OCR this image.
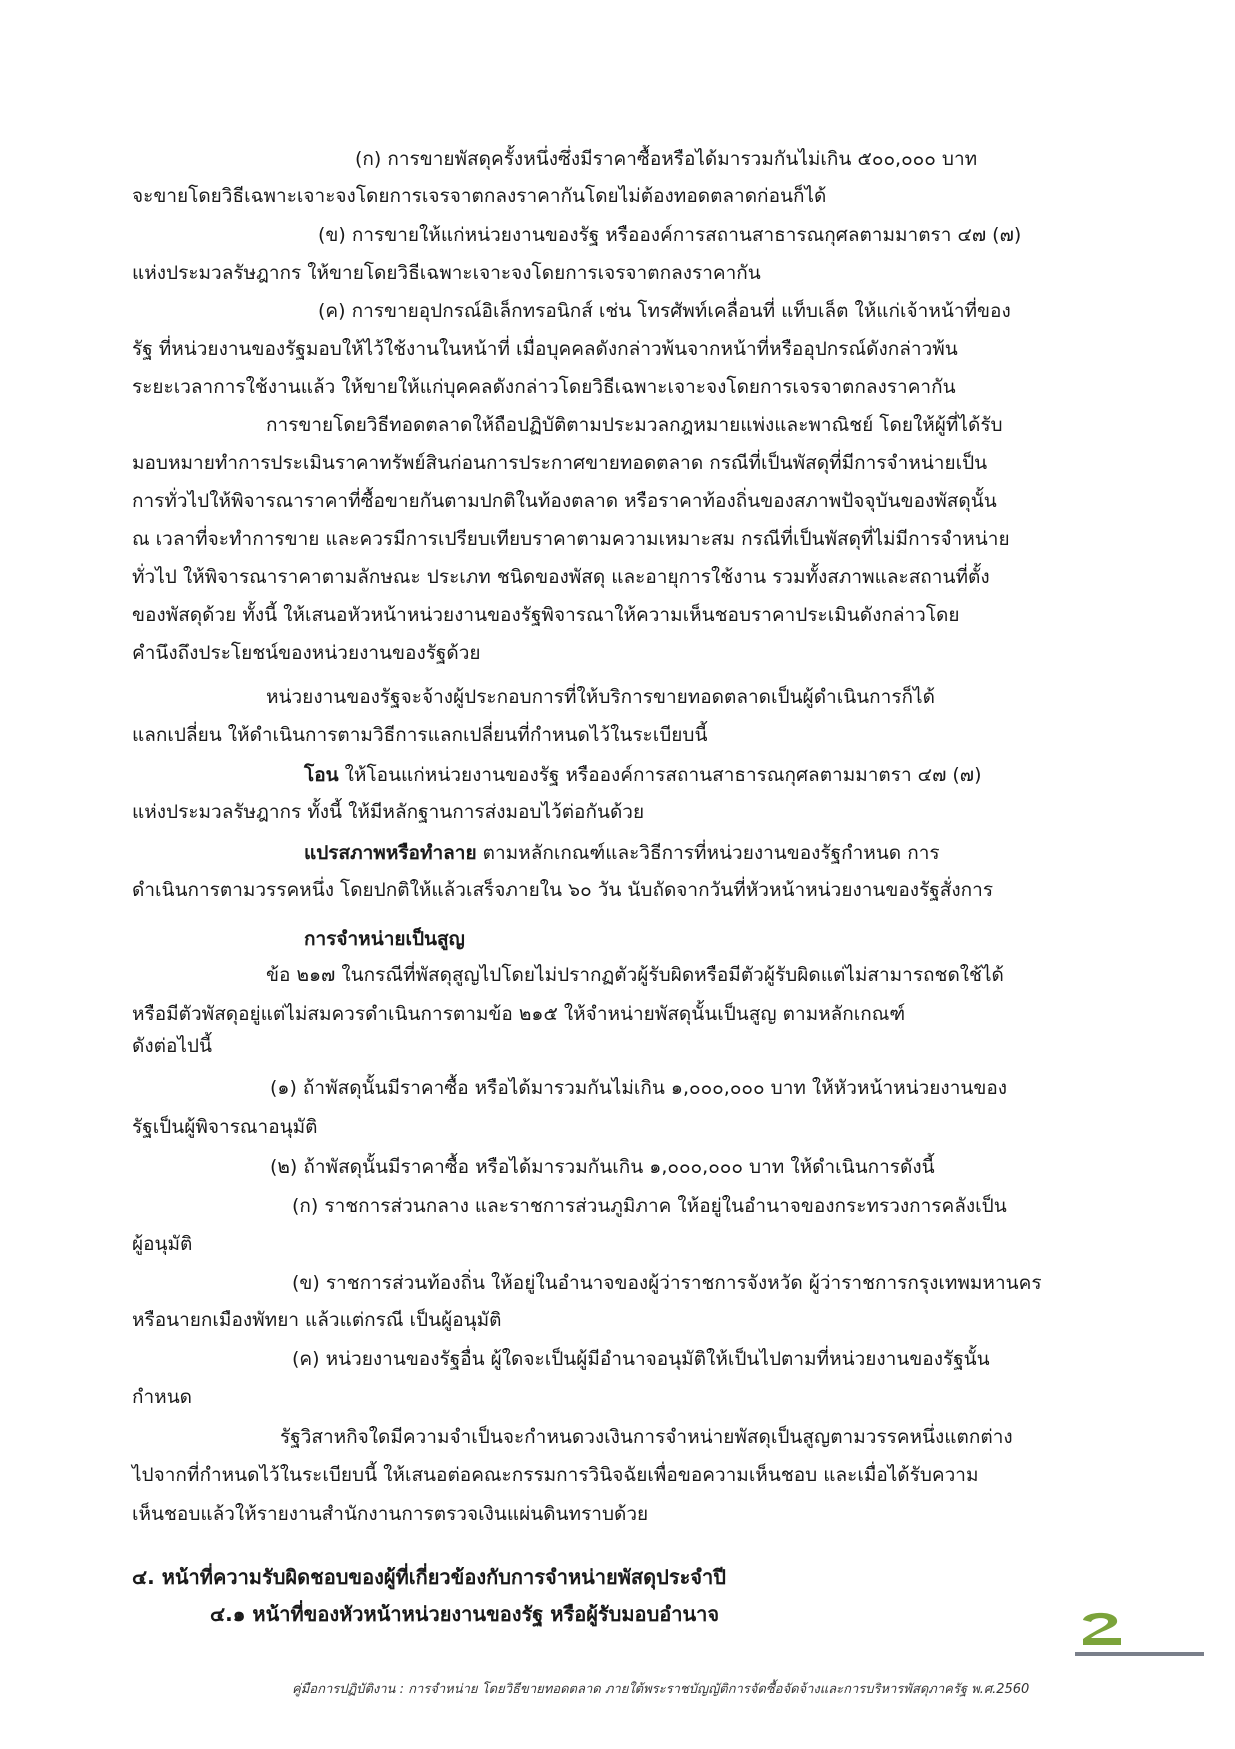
(ก) การขายพัสดุครั้งหนึ่งซึ่งมีราคาซื้อหรือได้มารวมกันไม่เกิน ๕๐๐,๐๐๐ บาท
จะขายโดยวิธีเฉพาะเจาะจงโดยการเจรจาตกลงราคากันโดยไม่ต้องทอดตลาดก่อนก็ได้
(ข) การขายให้แก่หน่วยงานของรัฐ หรือองค์การสถานสาธารณกุศลตามมาตรา ๔๗ (๗)
แห่งประมวลรัษฎากร ให้ขายโดยวิธีเฉพาะเจาะจงโดยการเจรจาตกลงราคากัน
(ค) การขายอุปกรณ์อิเล็กทรอนิกส์ เช่น โทรศัพท์เคลื่อนที่ แท็บเล็ต ให้แก่เจ้าหน้าที่ของ
รัฐ ที่หน่วยงานของรัฐมอบให้ไว้ใช้งานในหน้าที่ เมื่อบุคคลดังกล่าวพ้นจากหน้าที่หรืออุปกรณ์ดังกล่าวพ้น
ระยะเวลาการใช้งานแล้ว ให้ขายให้แก่บุคคลดังกล่าวโดยวิธีเฉพาะเจาะจงโดยการเจรจาตกลงราคากัน
การขายโดยวิธีทอดตลาดให้ถือปฏิบัติตามประมวลกฎหมายแพ่งและพาณิชย์ โดยให้ผู้ที่ได้รับ
มอบหมายทำการประเมินราคาทรัพย์สินก่อนการประกาศขายทอดตลาด กรณีที่เป็นพัสดุที่มีการจำหน่ายเป็น
การทั่วไปให้พิจารณาราคาที่ซื้อขายกันตามปกติในท้องตลาด หรือราคาท้องถิ่นของสภาพปัจจุบันของพัสดุนั้น
ณ เวลาที่จะทำการขาย และควรมีการเปรียบเทียบราคาตามความเหมาะสม กรณีที่เป็นพัสดุที่ไม่มีการจำหน่าย
ทั่วไป ให้พิจารณาราคาตามลักษณะ ประเภท ชนิดของพัสดุ และอายุการใช้งาน รวมทั้งสภาพและสถานที่ตั้ง
ของพัสดุด้วย ทั้งนี้ ให้เสนอหัวหน้าหน่วยงานของรัฐพิจารณาให้ความเห็นชอบราคาประเมินดังกล่าวโดย
คำนึงถึงประโยชน์ของหน่วยงานของรัฐด้วย
หน่วยงานของรัฐจะจ้างผู้ประกอบการที่ให้บริการขายทอดตลาดเป็นผู้ดำเนินการก็ได้
แลกเปลี่ยน ให้ดำเนินการตามวิธีการแลกเปลี่ยนที่กำหนดไว้ในระเบียบนี้
โอน ให้โอนแก่หน่วยงานของรัฐ หรือองค์การสถานสาธารณกุศลตามมาตรา ๔๗ (๗)
แห่งประมวลรัษฎากร ทั้งนี้ ให้มีหลักฐานการส่งมอบไว้ต่อกันด้วย
แปรสภาพหรือทำลาย ตามหลักเกณฑ์และวิธีการที่หน่วยงานของรัฐกำหนด การ
ดำเนินการตามวรรคหนึ่ง โดยปกติให้แล้วเสร็จภายใน ๖๐ วัน นับถัดจากวันที่หัวหน้าหน่วยงานของรัฐสั่งการ
การจำหน่ายเป็นสูญ
ข้อ ๒๑๗ ในกรณีที่พัสดุสูญไปโดยไม่ปรากฏตัวผู้รับผิดหรือมีตัวผู้รับผิดแต่ไม่สามารถชดใช้ได้
หรือมีตัวพัสดุอยู่แต่ไม่สมควรดำเนินการตามข้อ ๒๑๕ ให้จำหน่ายพัสดุนั้นเป็นสูญ ตามหลักเกณฑ์
ดังต่อไปนี้
(๑) ถ้าพัสดุนั้นมีราคาซื้อ หรือได้มารวมกันไม่เกิน ๑,๐๐๐,๐๐๐ บาท ให้หัวหน้าหน่วยงานของ
รัฐเป็นผู้พิจารณาอนุมัติ
(๒) ถ้าพัสดุนั้นมีราคาซื้อ หรือได้มารวมกันเกิน ๑,๐๐๐,๐๐๐ บาท ให้ดำเนินการดังนี้
(ก) ราชการส่วนกลาง และราชการส่วนภูมิภาค ให้อยู่ในอำนาจของกระทรวงการคลังเป็น
ผู้อนุมัติ
(ข) ราชการส่วนท้องถิ่น ให้อยู่ในอำนาจของผู้ว่าราชการจังหวัด ผู้ว่าราชการกรุงเทพมหานคร
หรือนายกเมืองพัทยา แล้วแต่กรณี เป็นผู้อนุมัติ
(ค) หน่วยงานของรัฐอื่น ผู้ใดจะเป็นผู้มีอำนาจอนุมัติให้เป็นไปตามที่หน่วยงานของรัฐนั้น
กำหนด
รัฐวิสาหกิจใดมีความจำเป็นจะกำหนดวงเงินการจำหน่ายพัสดุเป็นสูญตามวรรคหนึ่งแตกต่าง
ไปจากที่กำหนดไว้ในระเบียบนี้ ให้เสนอต่อคณะกรรมการวินิจฉัยเพื่อขอความเห็นชอบ และเมื่อได้รับความ
เห็นชอบแล้วให้รายงานสำนักงานการตรวจเงินแผ่นดินทราบด้วย
๔. หน้าที่ความรับผิดชอบของผู้ที่เกี่ยวข้องกับการจำหน่ายพัสดุประจำปี
๔.๑ หน้าที่ของหัวหน้าหน่วยงานของรัฐ หรือผู้รับมอบอำนาจ
คู่มือการปฏิบัติงาน : การจำหน่าย โดยวิธีขายทอดตลาด ภายใต้พระราชบัญญัติการจัดซื้อจัดจ้างและการบริหารพัสดุภาครัฐ พ.ศ.2560
